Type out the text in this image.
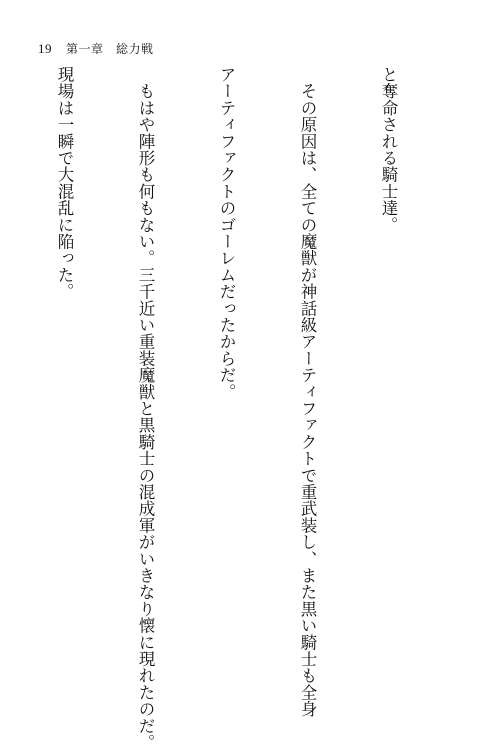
19 第一章　総力戦

と奪命される騎士達。

　その原因は、全ての魔獣が神話級アーティファクトで重武装し、また黒い騎士も全身

アーティファクトのゴーレムだったからだ。

　もはや陣形も何もない。三千近い重装魔獣と黒騎士の混成軍がいきなり懐に現れたのだ。

現場は一瞬で大混乱に陥った。
